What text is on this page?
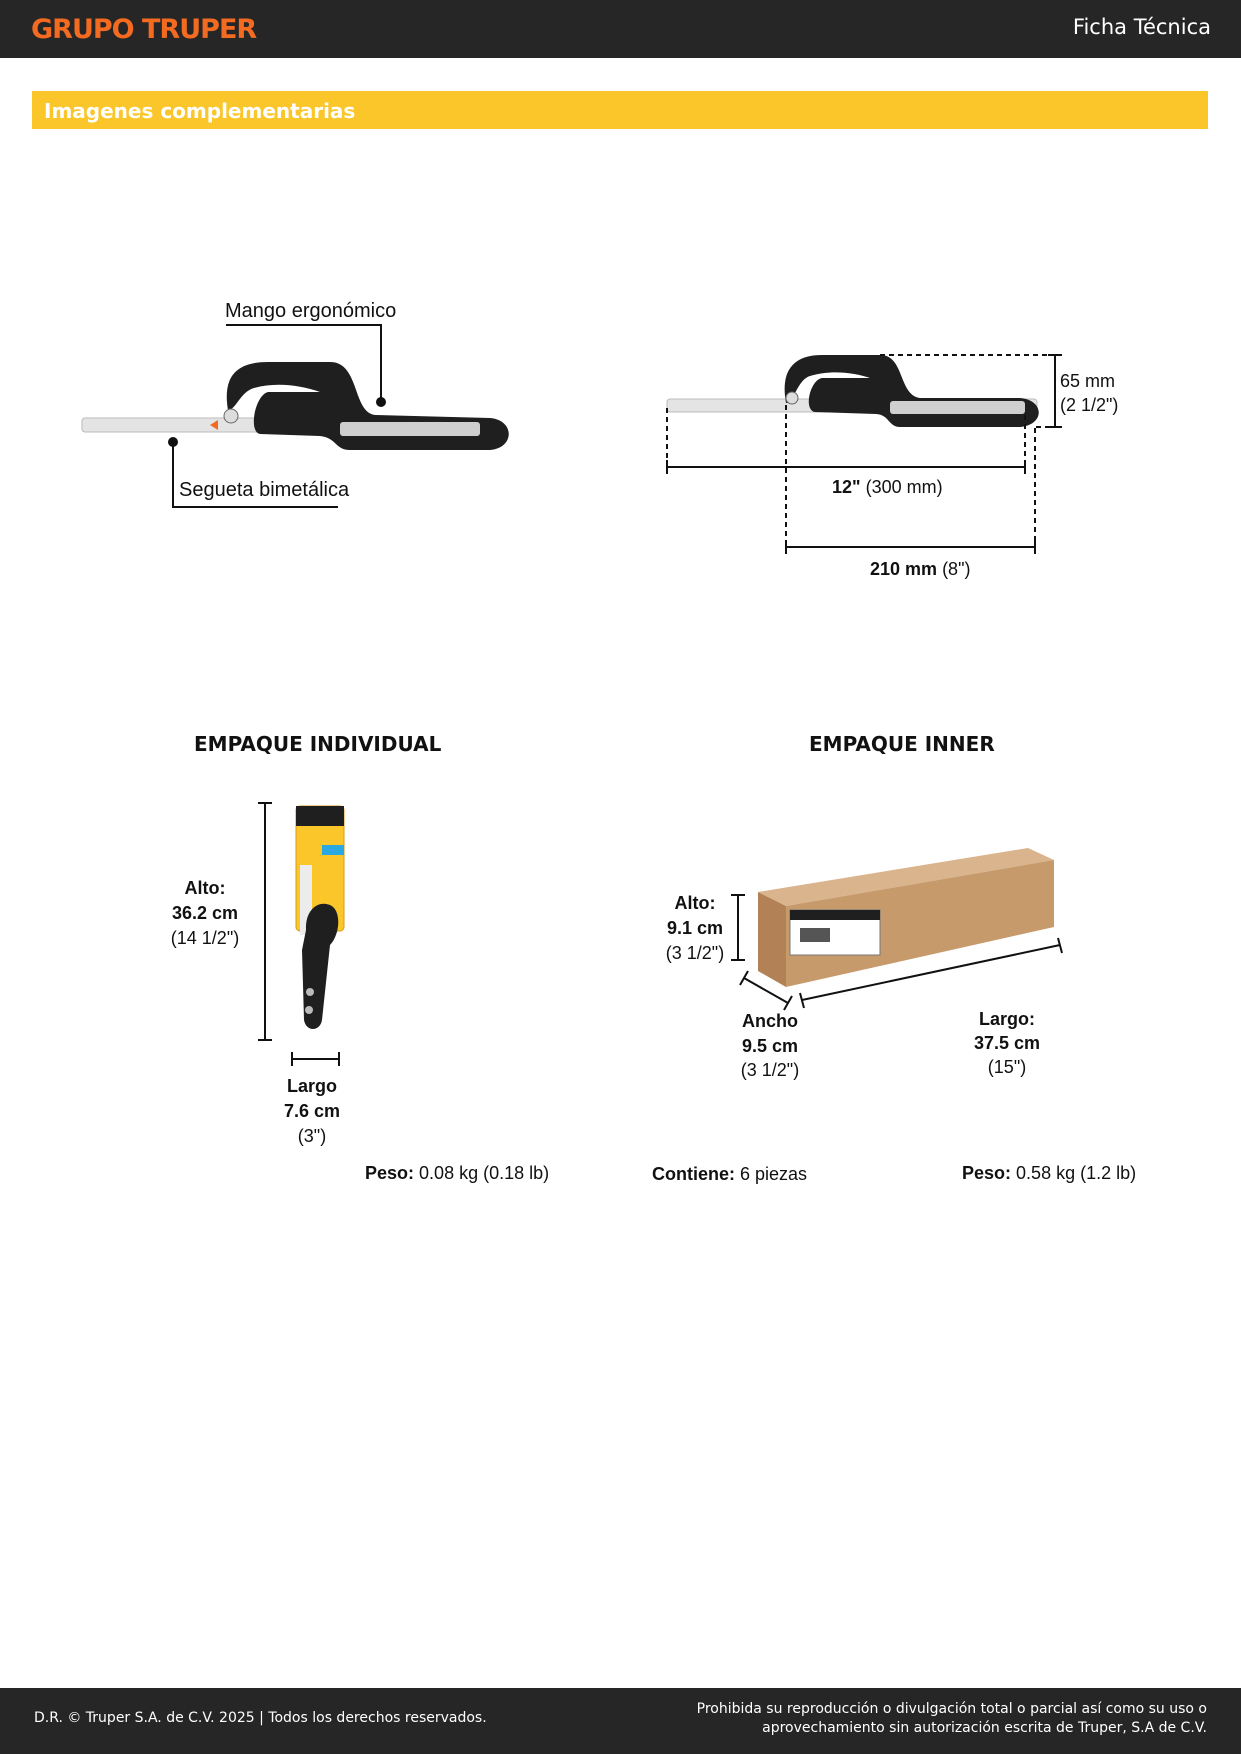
GRUPO TRUPER	Ficha Técnica
Imagenes complementarias
Mango ergonómico
Segueta bimetálica
65 mm
(2 1/2")
12" (300 mm)
210 mm (8")
EMPAQUE INDIVIDUAL
Alto:
36.2 cm
(14 1/2")
Largo
7.6 cm
(3")
Peso: 0.08 kg (0.18 lb)
EMPAQUE INNER
Alto:
9.1 cm
(3 1/2")
Ancho
9.5 cm
(3 1/2")
Largo:
37.5 cm
(15")
Contiene: 6 piezas	Peso: 0.58 kg (1.2 lb)
D.R. © Truper S.A. de C.V. 2025 | Todos los derechos reservados.
Prohibida su reproducción o divulgación total o parcial así como su uso o aprovechamiento sin autorización escrita de Truper, S.A de C.V.
